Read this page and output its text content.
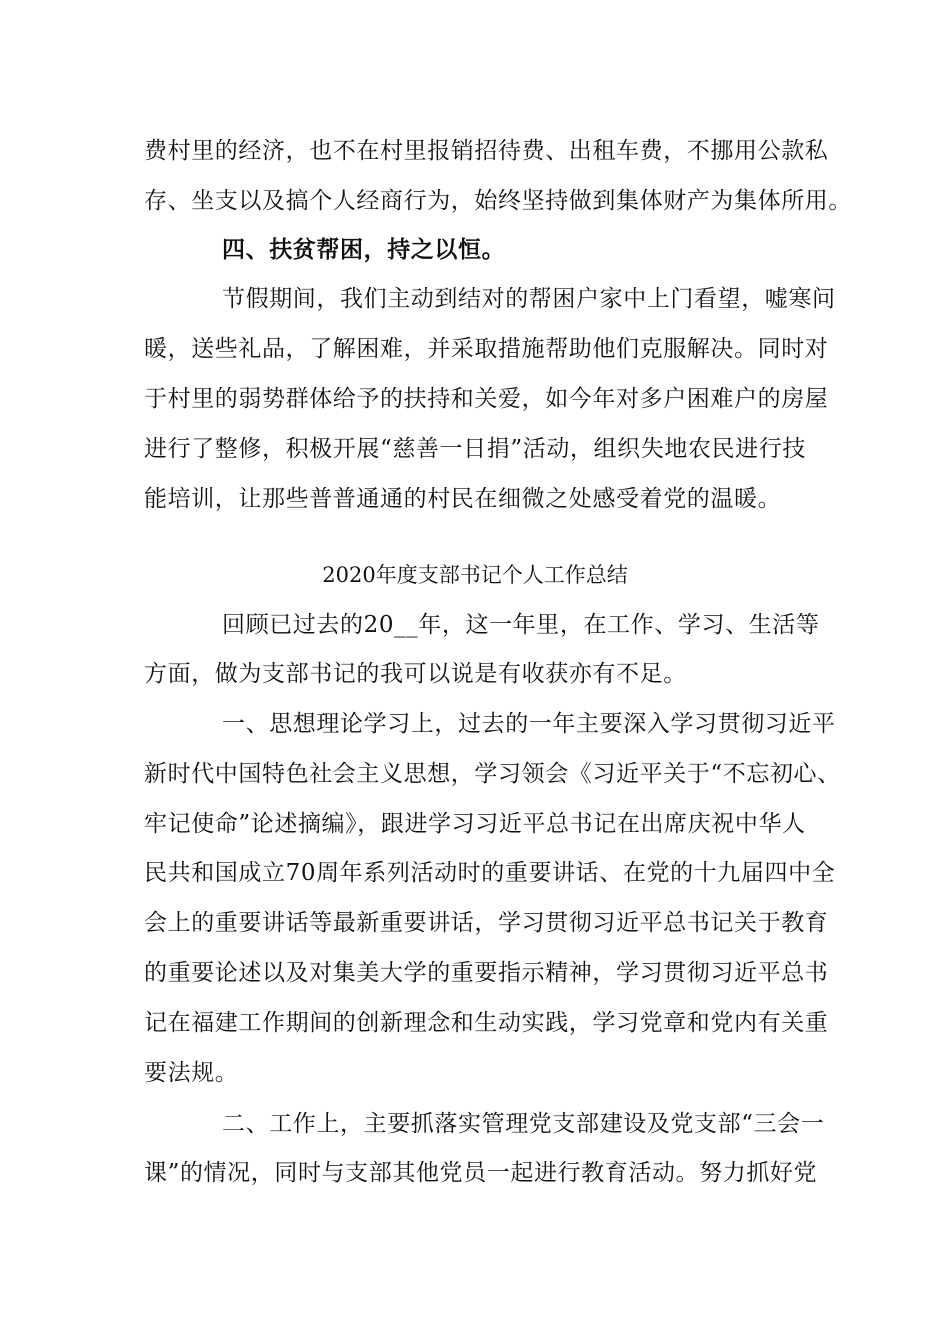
费村里的经济，也不在村里报销招待费、出租车费，不挪用公款私
存、坐支以及搞个人经商行为，始终坚持做到集体财产为集体所用。
四、扶贫帮困，持之以恒。
节假期间，我们主动到结对的帮困户家中上门看望，嘘寒问
暖，送些礼品，了解困难，并采取措施帮助他们克服解决。同时对
于村里的弱势群体给予的扶持和关爱，如今年对多户困难户的房屋
进行了整修，积极开展“慈善一日捐”活动，组织失地农民进行技
能培训，让那些普普通通的村民在细微之处感受着党的温暖。
2020年度支部书记个人工作总结
回顾已过去的20__年，这一年里，在工作、学习、生活等
方面，做为支部书记的我可以说是有收获亦有不足。
一、思想理论学习上，过去的一年主要深入学习贯彻习近平
新时代中国特色社会主义思想，学习领会《习近平关于“不忘初心、
牢记使命”论述摘编》，跟进学习习近平总书记在出席庆祝中华人
民共和国成立70周年系列活动时的重要讲话、在党的十九届四中全
会上的重要讲话等最新重要讲话，学习贯彻习近平总书记关于教育
的重要论述以及对集美大学的重要指示精神，学习贯彻习近平总书
记在福建工作期间的创新理念和生动实践，学习党章和党内有关重
要法规。
二、工作上，主要抓落实管理党支部建设及党支部“三会一
课”的情况，同时与支部其他党员一起进行教育活动。努力抓好党
